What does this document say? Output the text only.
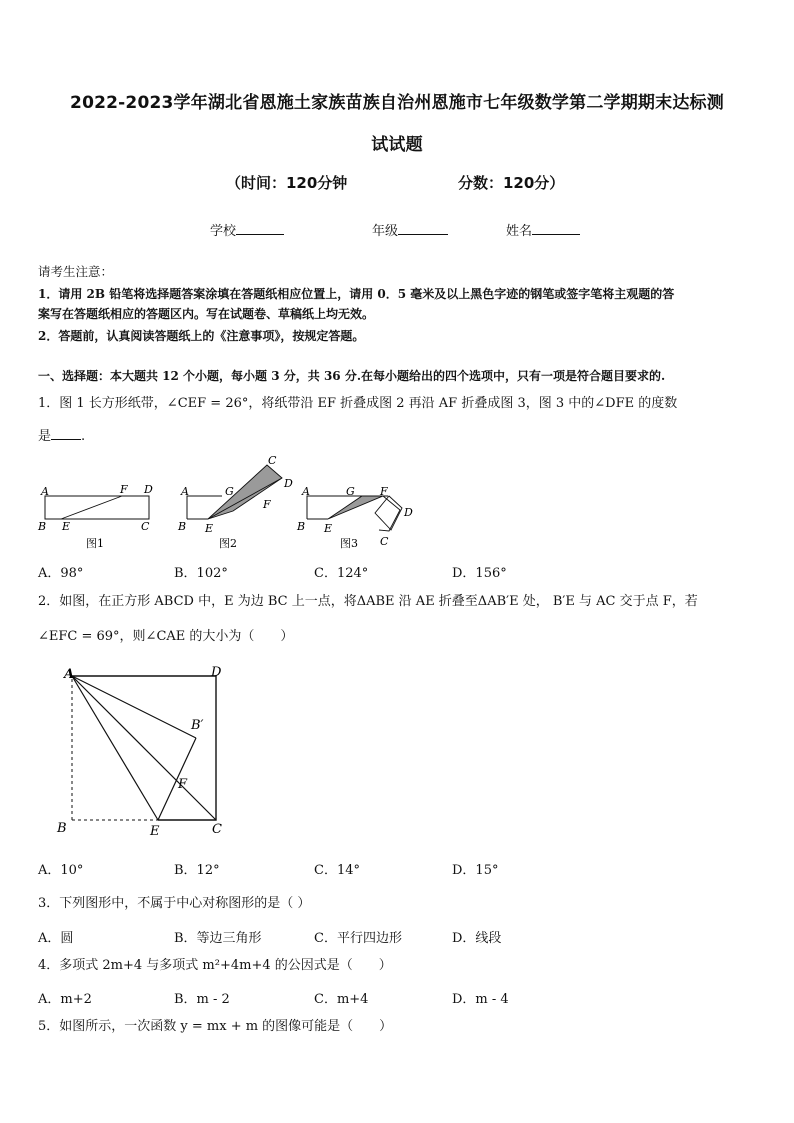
2022-2023学年湖北省恩施土家族苗族自治州恩施市七年级数学第二学期期末达标测
试试题
（时间：120分钟	分数：120分）
学校	年级	姓名
请考生注意：
1．请用 2B 铅笔将选择题答案涂填在答题纸相应位置上，请用 0．5 毫米及以上黑色字迹的钢笔或签字笔将主观题的答
案写在答题纸相应的答题区内。写在试题卷、草稿纸上均无效。
2．答题前，认真阅读答题纸上的《注意事项》，按规定答题。
一、选择题：本大题共 12 个小题，每小题 3 分，共 36 分.在每小题给出的四个选项中，只有一项是符合题目要求的.
1．图 1 长方形纸带，∠CEF = 26°，将纸带沿 EF 折叠成图 2 再沿 AF 折叠成图 3，图 3 中的∠DFE 的度数
是 .
A	F D
B E	C
图1
A	G
C
D
F
B E
图2
A	G F
D
C
B E
图3
A．98°	B．102°	C．124°	D．156°
2．如图，在正方形 ABCD 中，E 为边 BC 上一点，将ΔABE 沿 AE 折叠至ΔAB′E 处， B′E 与 AC 交于点 F，若
∠EFC = 69°，则∠CAE 的大小为（　　）
A	D
B′
F
B	E	C
A．10°	B．12°	C．14°	D．15°
3．下列图形中，不属于中心对称图形的是（ ）
A．圆	B．等边三角形	C．平行四边形	D．线段
4．多项式 2m+4 与多项式 m²+4m+4 的公因式是（　　）
A．m+2	B．m - 2	C．m+4	D．m - 4
5．如图所示，一次函数 y = mx + m 的图像可能是（　　）
